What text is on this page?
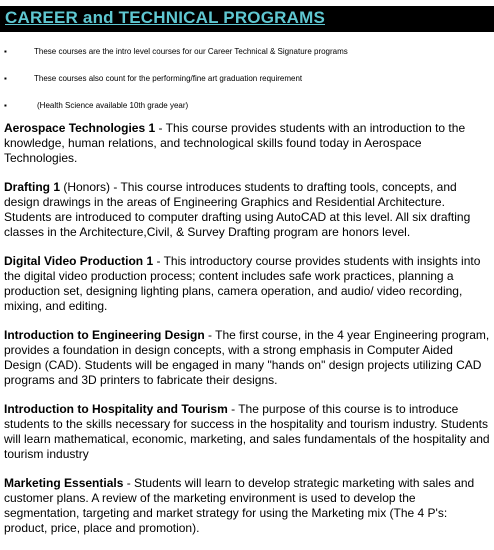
CAREER and TECHNICAL PROGRAMS
▪	These courses are the intro level courses for our Career Technical & Signature programs
▪	These courses also count for the performing/fine art graduation requirement
▪	(Health Science available 10th grade year)

Aerospace Technologies 1 - This course provides students with an introduction to the knowledge, human relations, and technological skills found today in Aerospace Technologies.

Drafting 1 (Honors) - This course introduces students to drafting tools, concepts, and design drawings in the areas of Engineering Graphics and Residential Architecture. Students are introduced to computer drafting using AutoCAD at this level. All six drafting classes in the Architecture,Civil, & Survey Drafting program are honors level.

Digital Video Production 1 - This introductory course provides students with insights into the digital video production process; content includes safe work practices, planning a production set, designing lighting plans, camera operation, and audio/ video recording, mixing, and editing.

Introduction to Engineering Design - The first course, in the 4 year Engineering program, provides a foundation in design concepts, with a strong emphasis in Computer Aided Design (CAD). Students will be engaged in many "hands on" design projects utilizing CAD programs and 3D printers to fabricate their designs.

Introduction to Hospitality and Tourism - The purpose of this course is to introduce students to the skills necessary for success in the hospitality and tourism industry. Students will learn mathematical, economic, marketing, and sales fundamentals of the hospitality and tourism industry

Marketing Essentials - Students will learn to develop strategic marketing with sales and customer plans. A review of the marketing environment is used to develop the segmentation, targeting and market strategy for using the Marketing mix (The 4 P's: product, price, place and promotion).
